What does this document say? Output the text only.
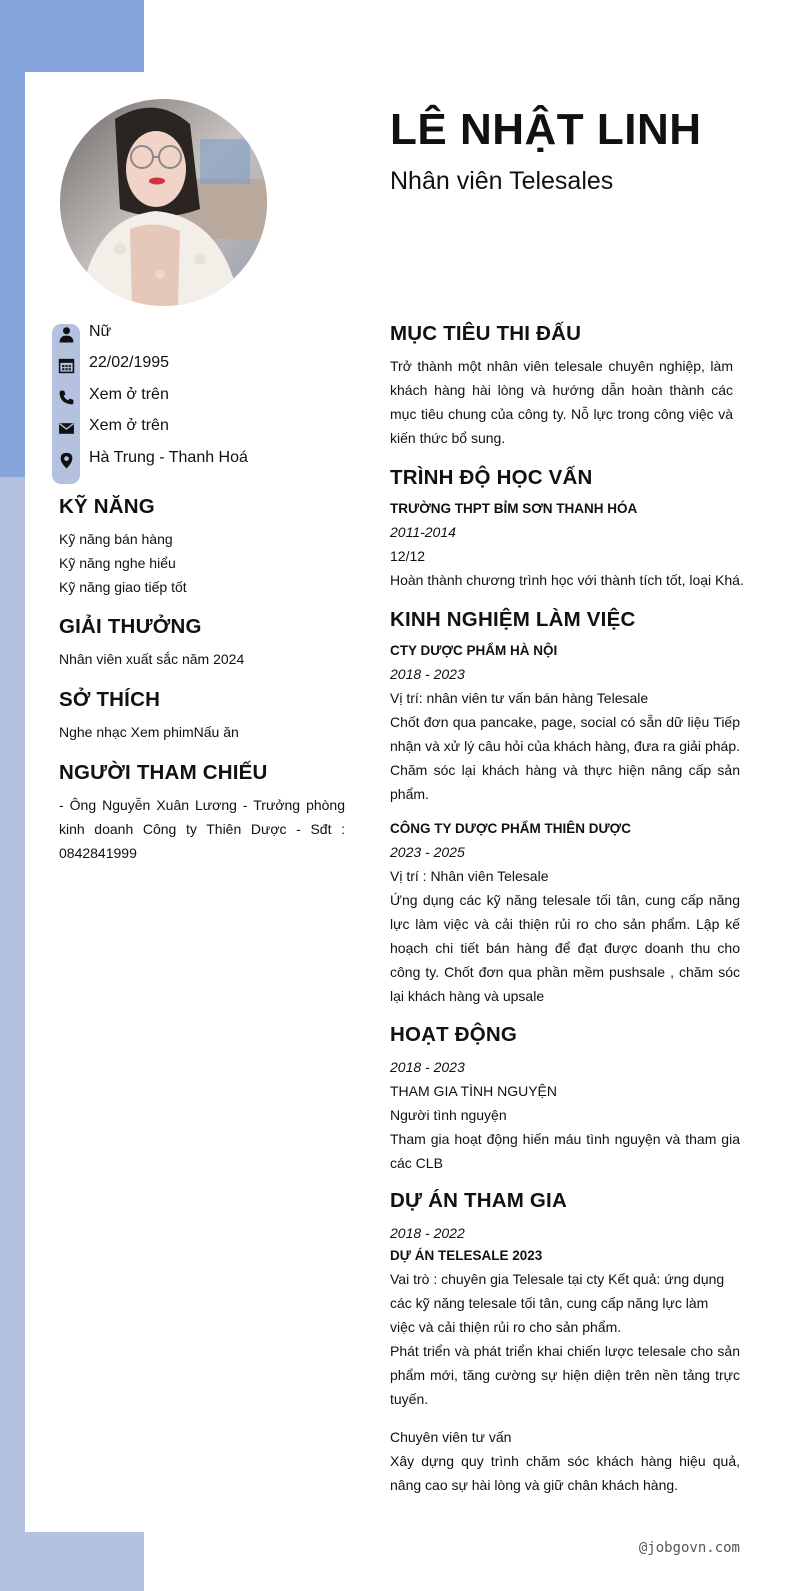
LÊ NHẬT LINH
Nhân viên Telesales
Nữ
22/02/1995
Xem ở trên
Xem ở trên
Hà Trung - Thanh Hoá
KỸ NĂNG
Kỹ năng bán hàng
Kỹ năng nghe hiểu
Kỹ năng giao tiếp tốt
GIẢI THƯỞNG
Nhân viên xuất sắc năm 2024
SỞ THÍCH
Nghe nhạc Xem phimNấu ăn
NGƯỜI THAM CHIẾU
- Ông Nguyễn Xuân Lương - Trưởng phòng kinh doanh Công ty Thiên Dược - Sđt : 0842841999
MỤC TIÊU THI ĐẤU
Trở thành một nhân viên telesale chuyên nghiệp, làm khách hàng hài lòng và hướng dẫn hoàn thành các mục tiêu chung của công ty. Nỗ lực trong công việc và kiến thức bổ sung.
TRÌNH ĐỘ HỌC VẤN
TRƯỜNG THPT BỈM SƠN THANH HÓA
2011-2014
12/12
Hoàn thành chương trình học với thành tích tốt, loại Khá.
KINH NGHIỆM LÀM VIỆC
CTY DƯỢC PHẨM HÀ NỘI
2018 - 2023
Vị trí: nhân viên tư vấn bán hàng Telesale
Chốt đơn qua pancake, page, social có sẵn dữ liệu Tiếp nhận và xử lý câu hỏi của khách hàng, đưa ra giải pháp. Chăm sóc lại khách hàng và thực hiện nâng cấp sản phẩm.
CÔNG TY DƯỢC PHẨM THIÊN DƯỢC
2023 - 2025
Vị trí : Nhân viên Telesale
Ứng dụng các kỹ năng telesale tối tân, cung cấp năng lực làm việc và cải thiện rủi ro cho sản phẩm. Lập kế hoạch chi tiết bán hàng để đạt được doanh thu cho công ty. Chốt đơn qua phần mềm pushsale , chăm sóc lại khách hàng và upsale
HOẠT ĐỘNG
2018 - 2023
THAM GIA TÌNH NGUYỆN
Người tình nguyện
Tham gia hoạt động hiến máu tình nguyện và tham gia các CLB
DỰ ÁN THAM GIA
2018 - 2022
DỰ ÁN TELESALE 2023
Vai trò : chuyên gia Telesale tại cty Kết quả: ứng dụng các kỹ năng telesale tối tân, cung cấp năng lực làm việc và cải thiện rủi ro cho sản phẩm.
Phát triển và phát triển khai chiến lược telesale cho sản phẩm mới, tăng cường sự hiện diện trên nền tảng trực tuyến.
Chuyên viên tư vấn
Xây dựng quy trình chăm sóc khách hàng hiệu quả, nâng cao sự hài lòng và giữ chân khách hàng.
@jobgovn.com
